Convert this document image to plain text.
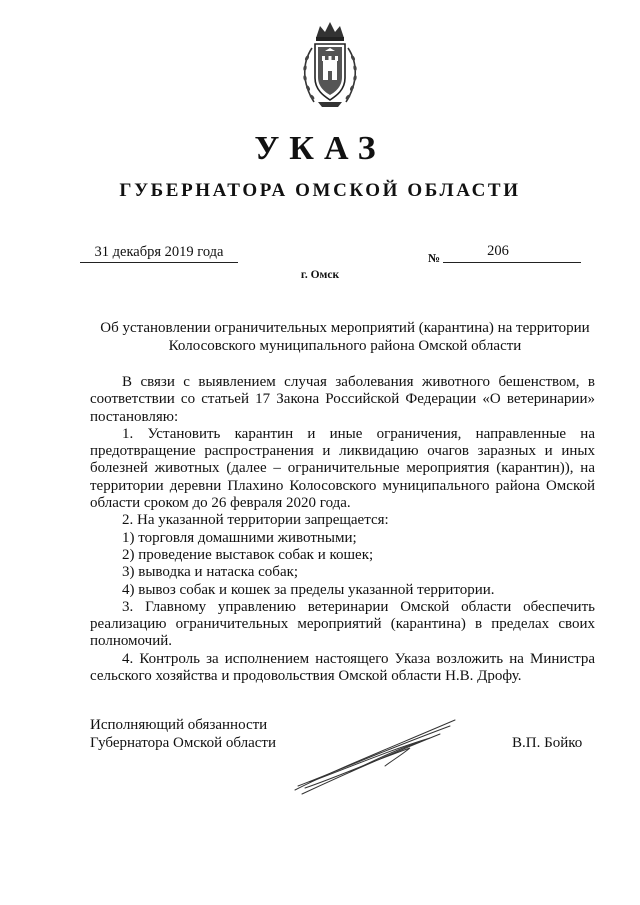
УКАЗ
ГУБЕРНАТОРА ОМСКОЙ ОБЛАСТИ
31 декабря 2019 года	№	206
г. Омск
Об установлении ограничительных мероприятий (карантина) на территории
Колосовского муниципального района Омской области

В связи с выявлением случая заболевания животного бешенством, в соответствии со статьей 17 Закона Российской Федерации «О ветеринарии» постановляю:

1. Установить карантин и иные ограничения, направленные на предотвращение распространения и ликвидацию очагов заразных и иных болезней животных (далее – ограничительные мероприятия (карантин)), на территории деревни Плахино Колосовского муниципального района Омской области сроком до 26 февраля 2020 года.

2. На указанной территории запрещается:

1) торговля домашними животными;

2) проведение выставок собак и кошек;

3) выводка и натаска собак;

4) вывоз собак и кошек за пределы указанной территории.

3. Главному управлению ветеринарии Омской области обеспечить реализацию ограничительных мероприятий (карантина) в пределах своих полномочий.

4. Контроль за исполнением настоящего Указа возложить на Министра сельского хозяйства и продовольствия Омской области Н.В. Дрофу.

Исполняющий обязанности
Губернатора Омской области	В.П. Бойко
